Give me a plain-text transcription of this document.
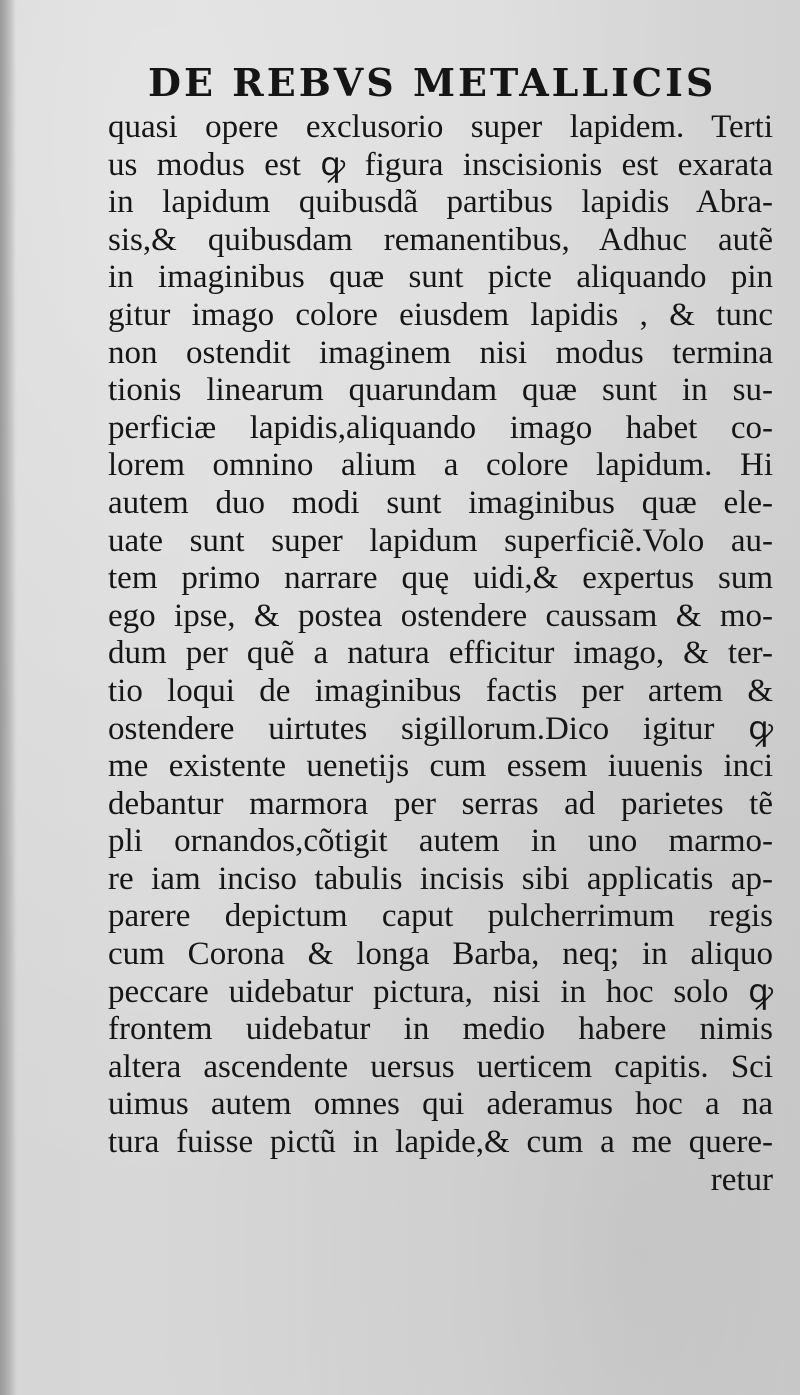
DE REBVS METALLICIS
quasi opere exclusorio super lapidem. Terti
us modus est ꝙ figura inscisionis est exarata
in lapidum quibusdã partibus lapidis Abra-
sis,& quibusdam remanentibus, Adhuc autẽ
in imaginibus quæ sunt picte aliquando pin
gitur imago colore eiusdem lapidis , & tunc
non ostendit imaginem nisi modus termina
tionis linearum quarundam quæ sunt in su-
perficiæ lapidis,aliquando imago habet co-
lorem omnino alium a colore lapidum. Hi
autem duo modi sunt imaginibus quæ ele-
uate sunt super lapidum superficiẽ.Volo au-
tem primo narrare quę uidi,& expertus sum
ego ipse, & postea ostendere caussam & mo-
dum per quẽ a natura efficitur imago, & ter-
tio loqui de imaginibus factis per artem &
ostendere uirtutes sigillorum.Dico igitur ꝙ
me existente uenetijs cum essem iuuenis inci
debantur marmora per serras ad parietes tẽ
pli ornandos,cõtigit autem in uno marmo-
re iam inciso tabulis incisis sibi applicatis ap-
parere depictum caput pulcherrimum regis
cum Corona & longa Barba, neq; in aliquo
peccare uidebatur pictura, nisi in hoc solo ꝙ
frontem uidebatur in medio habere nimis
altera ascendente uersus uerticem capitis. Sci
uimus autem omnes qui aderamus hoc a na
tura fuisse pictũ in lapide,& cum a me quere-
retur
